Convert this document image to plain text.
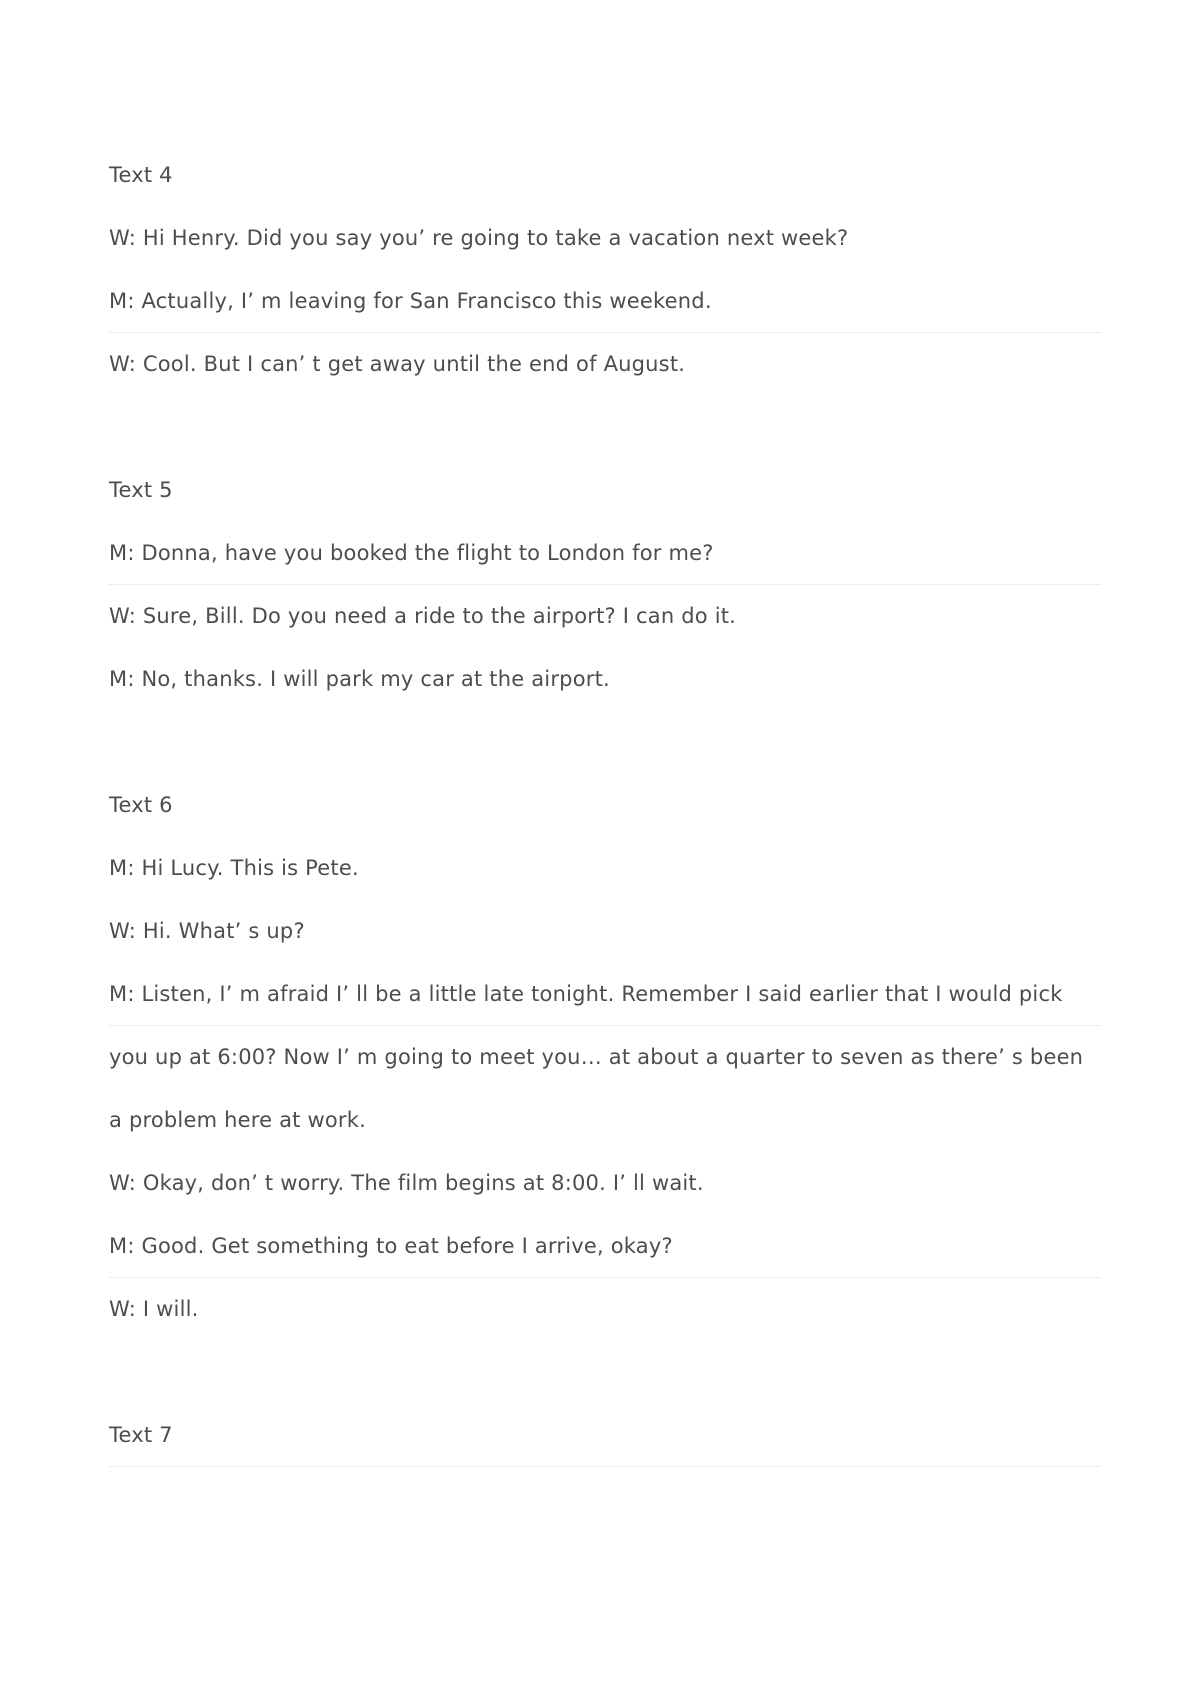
Text 4
W: Hi Henry. Did you say you’ re going to take a vacation next week?
M: Actually, I’ m leaving for San Francisco this weekend.
W: Cool. But I can’ t get away until the end of August.
Text 5
M: Donna, have you booked the flight to London for me?
W: Sure, Bill. Do you need a ride to the airport? I can do it.
M: No, thanks. I will park my car at the airport.
Text 6
M: Hi Lucy. This is Pete.
W: Hi. What’ s up?
M: Listen, I’ m afraid I’ ll be a little late tonight. Remember I said earlier that I would pick
you up at 6:00? Now I’ m going to meet you… at about a quarter to seven as there’ s been
a problem here at work.
W: Okay, don’ t worry. The film begins at 8:00. I’ ll wait.
M: Good. Get something to eat before I arrive, okay?
W: I will.
Text 7
